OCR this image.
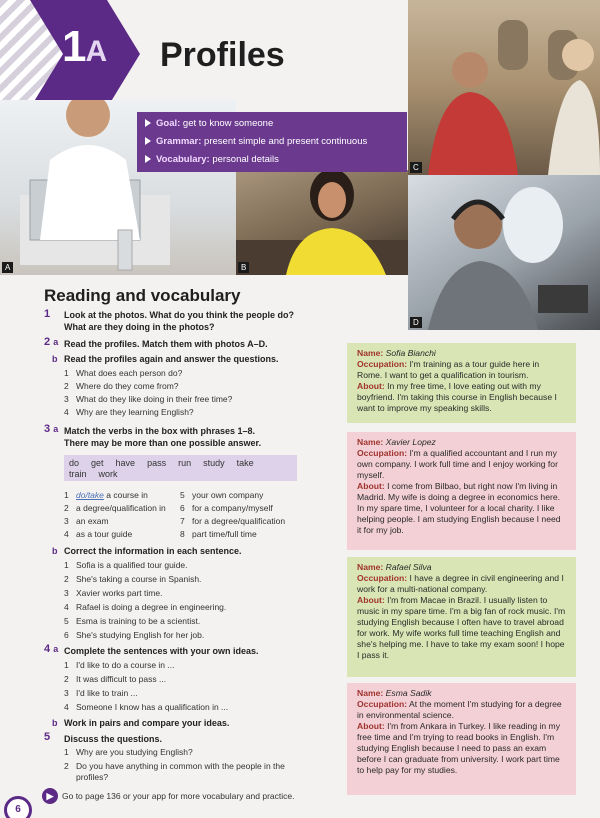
1A Profiles
A	B
C
D
Goal: get to know someone
Grammar: present simple and present continuous
Vocabulary: personal details
Reading and vocabulary
1 Look at the photos. What do you think the people do?
What are they doing in the photos?
2 a Read the profiles. Match them with photos A–D.
b Read the profiles again and answer the questions.
1 What does each person do?
2 Where do they come from?
3 What do they like doing in their free time?
4 Why are they learning English?
3 a Match the verbs in the box with phrases 1–8.
There may be more than one possible answer.
do get have pass run study take
train work
1 do/take a course in
2 a degree/qualification in
3 an exam
4 as a tour guide
5 your own company
6 for a company/myself
7 for a degree/qualification
8 part time/full time
b Correct the information in each sentence.
1 Sofia is a qualified tour guide.
2 She's taking a course in Spanish.
3 Xavier works part time.
4 Rafael is doing a degree in engineering.
5 Esma is training to be a scientist.
6 She's studying English for her job.
4 a Complete the sentences with your own ideas.
1 I'd like to do a course in ...
2 It was difficult to pass ...
3 I'd like to train ...
4 Someone I know has a qualification in ...
b Work in pairs and compare your ideas.
5 Discuss the questions.
1 Why are you studying English?
2 Do you have anything in common with the people in the
profiles?

Name: Sofia Bianchi

Occupation: I'm training as a tour guide here in Rome. I want to get a qualification in tourism.

About: In my free time, I love eating out with my boyfriend. I'm taking this course in English because I want to improve my speaking skills.

Name: Xavier Lopez

Occupation: I'm a qualified accountant and I run my own company. I work full time and I enjoy working for myself.

About: I come from Bilbao, but right now I'm living in Madrid. My wife is doing a degree in economics here. In my spare time, I volunteer for a local charity. I like helping people. I am studying English because I need it for my job.

Name: Rafael Silva

Occupation: I have a degree in civil engineering and I work for a multi-national company.

About: I'm from Macae in Brazil. I usually listen to music in my spare time. I'm a big fan of rock music. I'm studying English because I often have to travel abroad for work. My wife works full time teaching English and she's helping me. I have to take my exam soon! I hope I pass it.

Name: Esma Sadik

Occupation: At the moment I'm studying for a degree in environmental science.

About: I'm from Ankara in Turkey. I like reading in my free time and I'm trying to read books in English. I'm studying English because I need to pass an exam before I can graduate from university. I work part time to help pay for my studies.

6
▶	Go to page 136 or your app for more vocabulary and practice.
